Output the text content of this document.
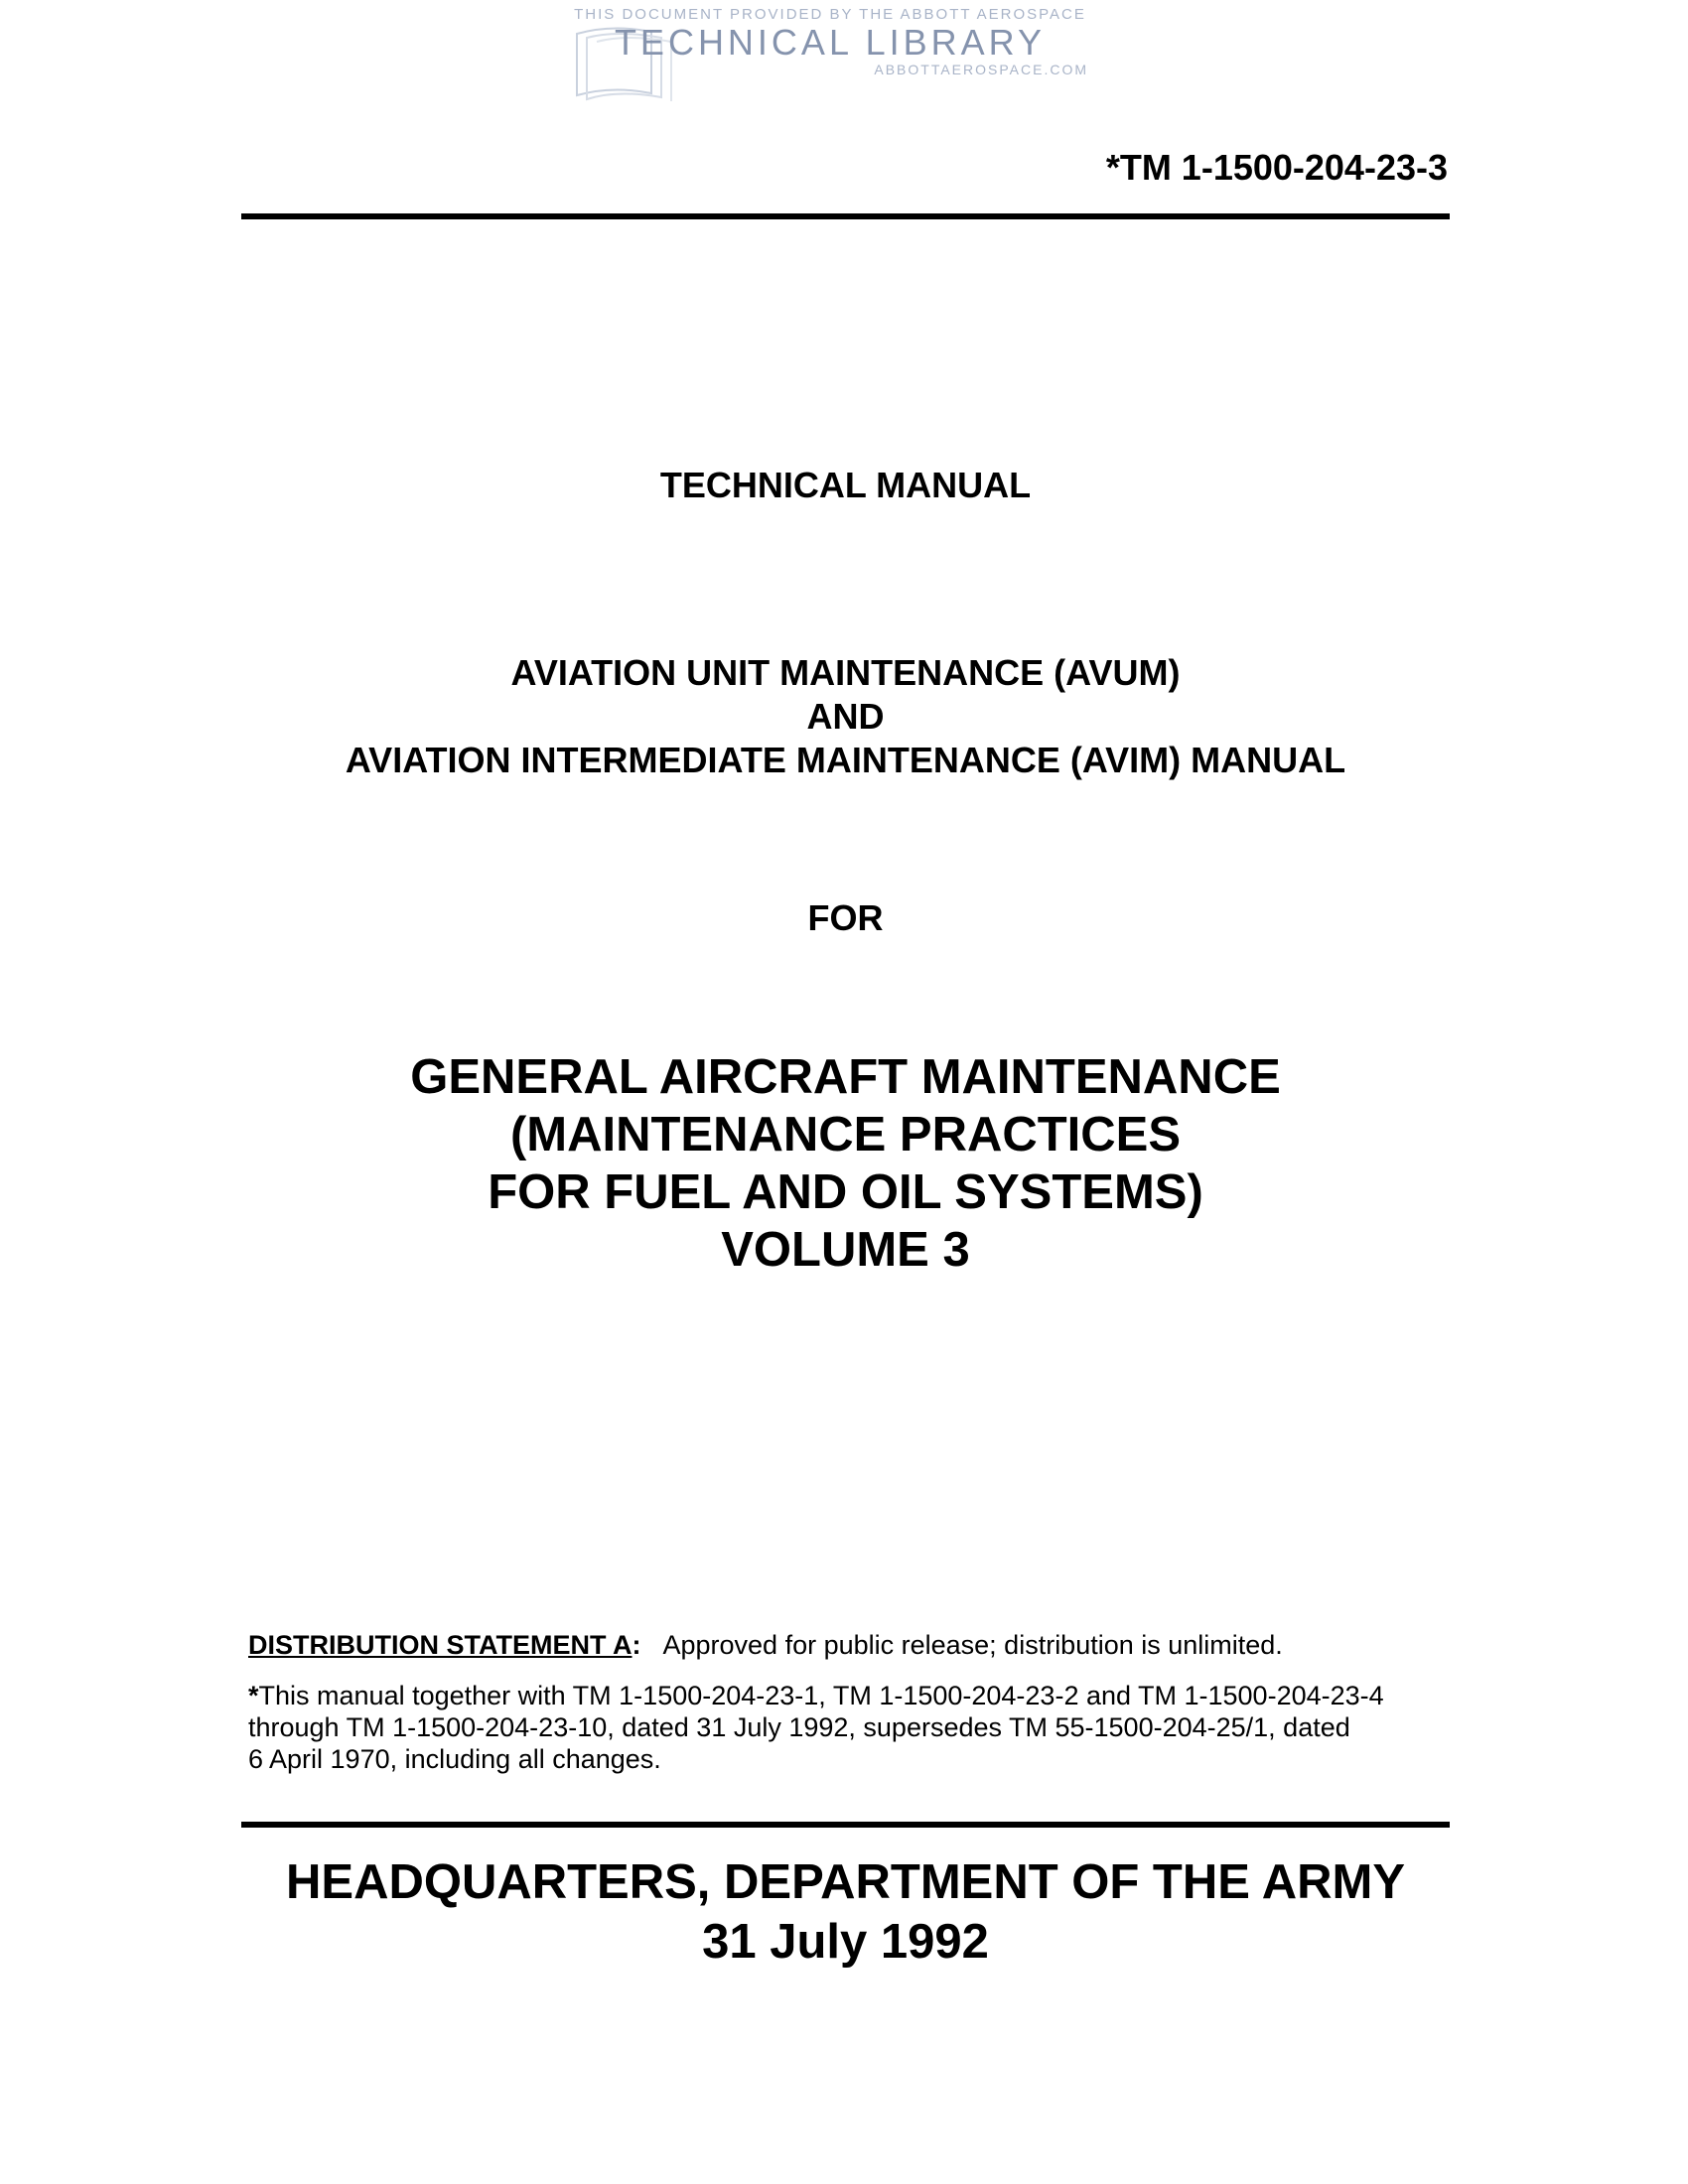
THIS DOCUMENT PROVIDED BY THE ABBOTT AEROSPACE
TECHNICAL LIBRARY
ABBOTTAEROSPACE.COM
*TM 1-1500-204-23-3
TECHNICAL MANUAL
AVIATION UNIT MAINTENANCE (AVUM)
AND
AVIATION INTERMEDIATE MAINTENANCE (AVIM) MANUAL
FOR
GENERAL AIRCRAFT MAINTENANCE
(MAINTENANCE PRACTICES
FOR FUEL AND OIL SYSTEMS)
VOLUME 3
DISTRIBUTION STATEMENT A: Approved for public release; distribution is unlimited.
*This manual together with TM 1-1500-204-23-1, TM 1-1500-204-23-2 and TM 1-1500-204-23-4
through TM 1-1500-204-23-10, dated 31 July 1992, supersedes TM 55-1500-204-25/1, dated
6 April 1970, including all changes.
HEADQUARTERS, DEPARTMENT OF THE ARMY
31 July 1992
